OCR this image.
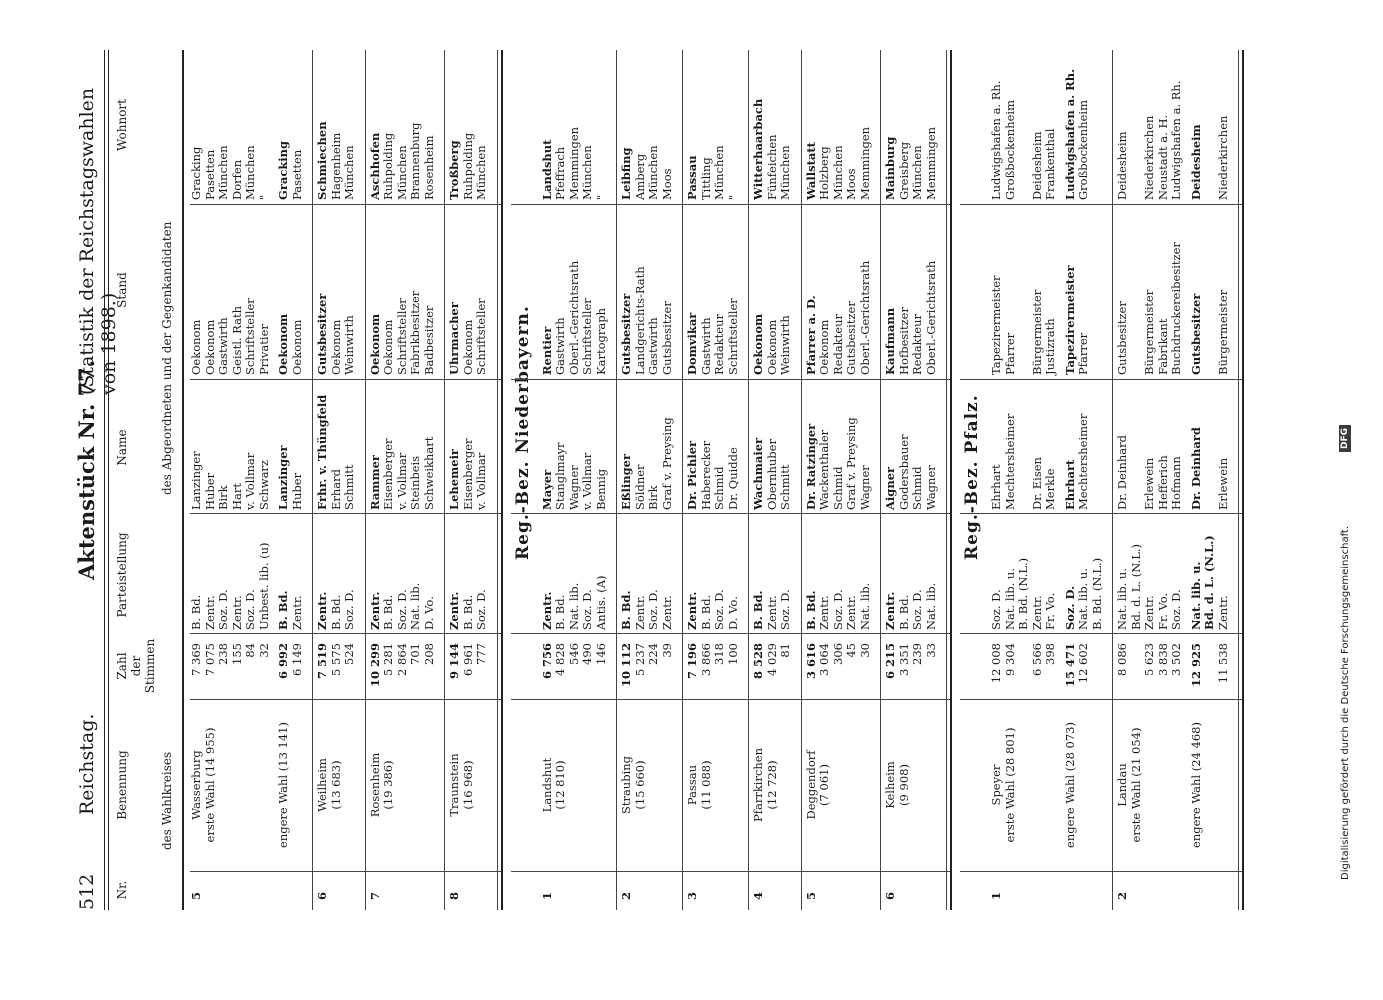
512
Reichstag.
Aktenstück Nr. 77.
(Statistik der Reichstagswahlen von 1898.)
Nr.
Benennung	des Wahlkreises
Zahl
der
Stimmen
Parteistellung
Name
Stand
Wohnort
des Abgeordneten und der Gegenkandidaten
5
Wasserburg
erste Wahl (14 955)
7 369
B. Bd.
Lanzinger
Oekonom
Gracking
7 075
Zentr.
Huber
Oekonom
Pasetten
238
Soz. D.
Birk
Gastwirth
München
155
Zentr.
Hart
Geistl. Rath
Dorfen
84
Soz. D.
v. Vollmar
Schriftsteller
München
32
Unbest. lib. (u)
Schwarz
Privatier
"
engere Wahl (13 141)
6 992
B. Bd.
Lanzinger
Oekonom
Gracking
6 149
Zentr.
Huber
Oekonom
Pasetten
6
Weilheim
(13 683)
7 519
Zentr.
Frhr. v. Thüngfeld
Gutsbesitzer
Schmiechen
5 575
B. Bd.
Erhard
Oekonom
Hagenheim
524
Soz. D.
Schmitt
Weinwirth
München
7
Rosenheim
(19 386)
10 299
Zentr.
Rammer
Oekonom
Aschhofen
5 281
B. Bd.
Eisenberger
Oekonom
Ruhpolding
2 864
Soz. D.
v. Vollmar
Schriftsteller
München
701
Nat. lib.
Steinbeis
Fabrikbesitzer
Brannenburg
208
D. Vo.
Schweikhart
Badbesitzer
Rosenheim
8
Traunstein
(16 968)
9 144
Zentr.
Lehemeir
Uhrmacher
Troßberg
6 961
B. Bd.
Eisenberger
Oekonom
Ruhpolding
777
Soz. D.
v. Vollmar
Schriftsteller
München
Reg.-Bez. Niederbayern.
1
Landshut
(12 810)
6 756
Zentr.
Mayer
Rentier
Landshut
4 828
B. Bd.
Stanglmayr
Gastwirth
Pfeffrach
546
Nat. lib.
Wagner
Oberl.-Gerichtsrath
Memmingen
490
Soz. D.
v. Vollmar
Schriftsteller
München
146
Antis. (A)
Bennig
Kartograph
"
2
Straubing
(15 660)
10 112
B. Bd.
Eßlinger
Gutsbesitzer
Leibfing
5 237
Zentr.
Söldner
Landgerichts-Rath
Amberg
224
Soz. D.
Birk
Gastwirth
München
39
Zentr.
Graf v. Preysing
Gutsbesitzer
Moos
3
Passau
(11 088)
7 196
Zentr.
Dr. Pichler
Domvikar
Passau
3 866
B. Bd.
Haberecker
Gastwirth
Tittling
318
Soz. D.
Schmid
Redakteur
München
100
D. Vo.
Dr. Quidde
Schriftsteller
"
4
Pfarrkirchen
(12 728)
8 528
B. Bd.
Wachmaier
Oekonom
Witterhaarbach
4 029
Zentr.
Obernhuber
Oekonom
Fünfeichen
81
Soz. D.
Schmitt
Weinwirth
München
5
Deggendorf
(7 061)
3 616
B. Bd.
Dr. Ratzinger
Pfarrer a. D.
Wallstatt
3 064
Zentr.
Wackenthaler
Oekonom
Holzberg
306
Soz. D.
Schmid
Redakteur
München
45
Zentr.
Graf v. Preysing
Gutsbesitzer
Moos
30
Nat. lib.
Wagner
Oberl.-Gerichtsrath
Memmingen
6
Kelheim
(9 908)
6 215
Zentr.
Aigner
Kaufmann
Mainburg
3 351
B. Bd.
Godersbauer
Hofbesitzer
Greisberg
239
Soz. D.
Schmid
Redakteur
München
33
Nat. lib.
Wagner
Oberl.-Gerichtsrath
Memmingen
Reg.-Bez. Pfalz.
1
Speyer
erste Wahl (28 801)
12 008
Soz. D.
Ehrhart
Tapezirermeister
Ludwigshafen a. Rh.
9 304
Nat. lib. u.
B. Bd. (N.L.)
Mechtersheimer
Pfarrer
Großbockenheim
6 566
Zentr.
Dr. Eisen
Bürgermeister
Deidesheim
398
Fr. Vo.
Merkle
Justizrath
Frankenthal
engere Wahl (28 073)
15 471
Soz. D.
Ehrhart
Tapezirermeister
Ludwigshafen a. Rh.
12 602
Nat. lib. u.
B. Bd. (N.L.)
Mechtersheimer
Pfarrer
Großbockenheim
2
Landau
erste Wahl (21 054)
8 086
Nat. lib. u.
Bd. d. L. (N.L.)
Dr. Deinhard
Gutsbesitzer
Deidesheim
5 623
Zentr.
Erlewein
Bürgermeister
Niederkirchen
3 838
Fr. Vo.
Hefferich
Fabrikant
Neustadt a. H.
3 502
Soz. D.
Hofmann
Buchdruckereibesitzer
Ludwigshafen a. Rh.
engere Wahl (24 468)
12 925
Nat. lib. u.
Bd. d. L. (N.L.)
Dr. Deinhard
Gutsbesitzer
Deidesheim
11 538
Zentr.
Erlewein
Bürgermeister
Niederkirchen
Digitalisierung gefördert durch die Deutsche Forschungsgemeinschaft.
DFG
